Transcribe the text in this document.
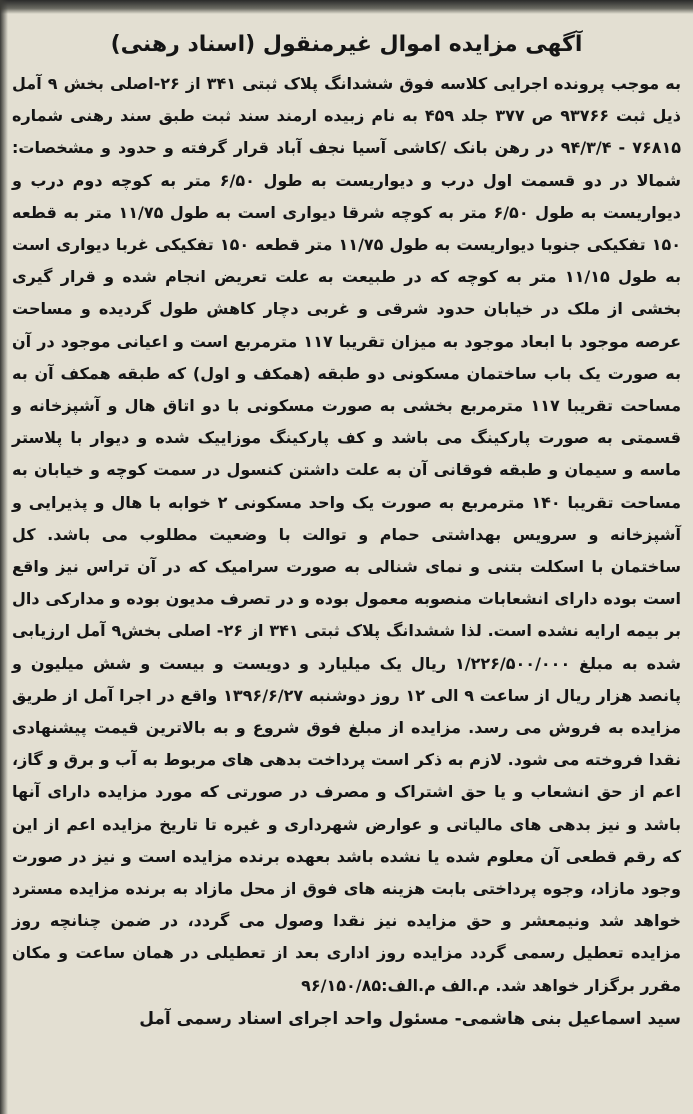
آگهی مزایده اموال غیرمنقول (اسناد رهنی)

به موجب پرونده اجرایی کلاسه فوق ششدانگ پلاک ثبتی ۳۴۱ از ۲۶-اصلی بخش ۹ آمل ذیل ثبت ۹۳۷۶۶ ص ۳۷۷ جلد ۴۵۹ به نام زبیده ارمند سند ثبت طبق سند رهنی شماره ۷۶۸۱۵ - ۹۴/۳/۴ در رهن بانک /کاشی آسیا نجف آباد قرار گرفته و حدود و مشخصات: شمالا در دو قسمت اول درب و دیواریست به طول ۶/۵۰ متر به کوچه دوم درب و دیواریست به طول ۶/۵۰ متر به کوچه شرقا دیواری است به طول ۱۱/۷۵ متر به قطعه ۱۵۰ تفکیکی جنوبا دیواریست به طول ۱۱/۷۵ متر قطعه ۱۵۰ تفکیکی غربا دیواری است به طول ۱۱/۱۵ متر به کوچه که در طبیعت به علت تعریض انجام شده و قرار گیری بخشی از ملک در خیابان حدود شرقی و غربی دچار کاهش طول گردیده و مساحت عرصه موجود با ابعاد موجود به میزان تقریبا ۱۱۷ مترمربع است و اعیانی موجود در آن به صورت یک باب ساختمان مسکونی دو طبقه (همکف و اول) که طبقه همکف آن به مساحت تقریبا ۱۱۷ مترمربع بخشی به صورت مسکونی با دو اتاق هال و آشپزخانه و قسمتی به صورت پارکینگ می باشد و کف پارکینگ موزاییک شده و دیوار با پلاستر ماسه و سیمان و طبقه فوقانی آن به علت داشتن کنسول در سمت کوچه و خیابان به مساحت تقریبا ۱۴۰ مترمربع به صورت یک واحد مسکونی ۲ خوابه با هال و پذیرایی و آشپزخانه و سرویس بهداشتی حمام و توالت با وضعیت مطلوب می باشد. کل ساختمان با اسکلت بتنی و نمای شنالی به صورت سرامیک که در آن تراس نیز واقع است بوده دارای انشعابات منصوبه معمول بوده و در تصرف مدیون بوده و مدارکی دال بر بیمه ارایه نشده است. لذا ششدانگ پلاک ثبتی ۳۴۱ از ۲۶- اصلی بخش۹ آمل ارزیابی شده به مبلغ ۱/۲۲۶/۵۰۰/۰۰۰ ریال یک میلیارد و دویست و بیست و شش میلیون و پانصد هزار ریال از ساعت ۹ الی ۱۲ روز دوشنبه ۱۳۹۶/۶/۲۷ واقع در اجرا آمل از طریق مزایده به فروش می رسد. مزایده از مبلغ فوق شروع و به بالاترین قیمت پیشنهادی نقدا فروخته می شود. لازم به ذکر است پرداخت بدهی های مربوط به آب و برق و گاز، اعم از حق انشعاب و یا حق اشتراک و مصرف در صورتی که مورد مزایده دارای آنها باشد و نیز بدهی های مالیاتی و عوارض شهرداری و غیره تا تاریخ مزایده اعم از این که رقم قطعی آن معلوم شده یا نشده باشد بعهده برنده مزایده است و نیز در صورت وجود مازاد، وجوه پرداختی بابت هزینه های فوق از محل مازاد به برنده مزایده مسترد خواهد شد ونیمعشر و حق مزایده نیز نقدا وصول می گردد، در ضمن چنانچه روز مزایده تعطیل رسمی گردد مزایده روز اداری بعد از تعطیلی در همان ساعت و مکان مقرر برگزار خواهد شد. م.الف م.الف:۹۶/۱۵۰/۸۵

سید اسماعیل بنی هاشمی- مسئول واحد اجرای اسناد رسمی آمل
